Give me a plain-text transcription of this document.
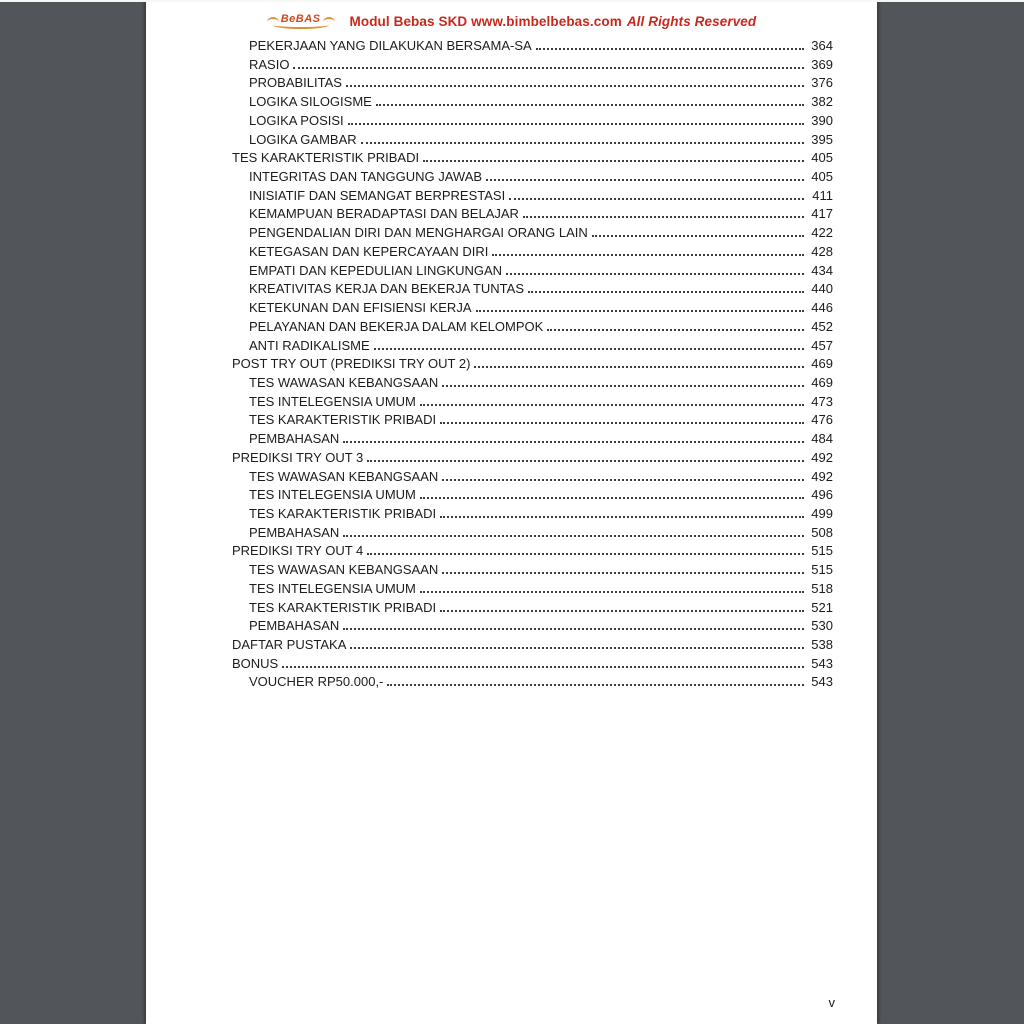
BeBAS Modul Bebas SKD www.bimbelbebas.com All Rights Reserved
PEKERJAAN YANG DILAKUKAN BERSAMA-SA	364
RASIO	369
PROBABILITAS	376
LOGIKA SILOGISME	382
LOGIKA POSISI	390
LOGIKA GAMBAR	395
TES KARAKTERISTIK PRIBADI	405
INTEGRITAS DAN TANGGUNG JAWAB	405
INISIATIF DAN SEMANGAT BERPRESTASI	411
KEMAMPUAN BERADAPTASI DAN BELAJAR	417
PENGENDALIAN DIRI DAN MENGHARGAI ORANG LAIN	422
KETEGASAN DAN KEPERCAYAAN DIRI	428
EMPATI DAN KEPEDULIAN LINGKUNGAN	434
KREATIVITAS KERJA DAN BEKERJA TUNTAS	440
KETEKUNAN DAN EFISIENSI KERJA	446
PELAYANAN DAN BEKERJA DALAM KELOMPOK	452
ANTI RADIKALISME	457
POST TRY OUT (PREDIKSI TRY OUT 2)	469
TES WAWASAN KEBANGSAAN	469
TES INTELEGENSIA UMUM	473
TES KARAKTERISTIK PRIBADI	476
PEMBAHASAN	484
PREDIKSI TRY OUT 3	492
TES WAWASAN KEBANGSAAN	492
TES INTELEGENSIA UMUM	496
TES KARAKTERISTIK PRIBADI	499
PEMBAHASAN	508
PREDIKSI TRY OUT 4	515
TES WAWASAN KEBANGSAAN	515
TES INTELEGENSIA UMUM	518
TES KARAKTERISTIK PRIBADI	521
PEMBAHASAN	530
DAFTAR PUSTAKA	538
BONUS	543
VOUCHER RP50.000,-	543
v
